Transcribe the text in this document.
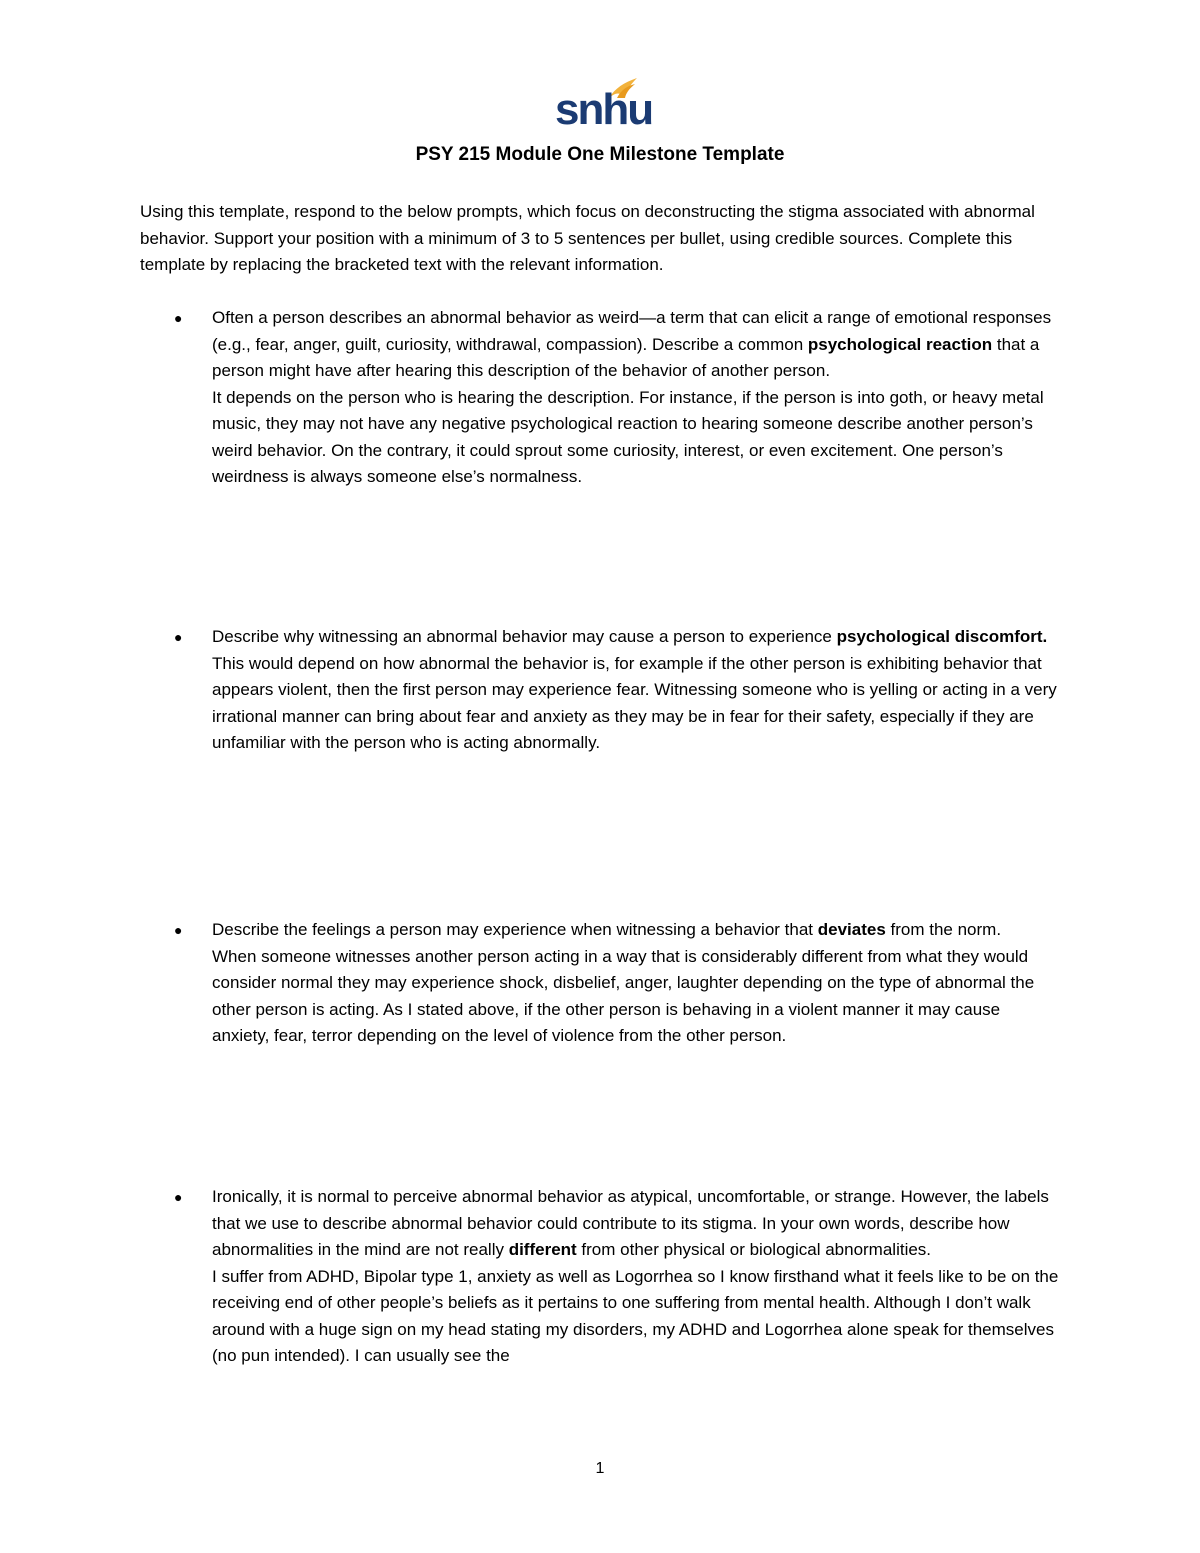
snhu
PSY 215 Module One Milestone Template
Using this template, respond to the below prompts, which focus on deconstructing the stigma associated with abnormal behavior. Support your position with a minimum of 3 to 5 sentences per bullet, using credible sources. Complete this template by replacing the bracketed text with the relevant information.
● Often a person describes an abnormal behavior as weird—a term that can elicit a range of emotional responses (e.g., fear, anger, guilt, curiosity, withdrawal, compassion). Describe a common psychological reaction that a person might have after hearing this description of the behavior of another person.
It depends on the person who is hearing the description. For instance, if the person is into goth, or heavy metal music, they may not have any negative psychological reaction to hearing someone describe another person’s weird behavior. On the contrary, it could sprout some curiosity, interest, or even excitement. One person’s weirdness is always someone else’s normalness.
● Describe why witnessing an abnormal behavior may cause a person to experience psychological discomfort.
This would depend on how abnormal the behavior is, for example if the other person is exhibiting behavior that appears violent, then the first person may experience fear. Witnessing someone who is yelling or acting in a very irrational manner can bring about fear and anxiety as they may be in fear for their safety, especially if they are unfamiliar with the person who is acting abnormally.
● Describe the feelings a person may experience when witnessing a behavior that deviates from the norm.
When someone witnesses another person acting in a way that is considerably different from what they would consider normal they may experience shock, disbelief, anger, laughter depending on the type of abnormal the other person is acting. As I stated above, if the other person is behaving in a violent manner it may cause anxiety, fear, terror depending on the level of violence from the other person.
● Ironically, it is normal to perceive abnormal behavior as atypical, uncomfortable, or strange. However, the labels that we use to describe abnormal behavior could contribute to its stigma. In your own words, describe how abnormalities in the mind are not really different from other physical or biological abnormalities.
I suffer from ADHD, Bipolar type 1, anxiety as well as Logorrhea so I know firsthand what it feels like to be on the receiving end of other people’s beliefs as it pertains to one suffering from mental health. Although I don’t walk around with a huge sign on my head stating my disorders, my ADHD and Logorrhea alone speak for themselves (no pun intended). I can usually see the
1
